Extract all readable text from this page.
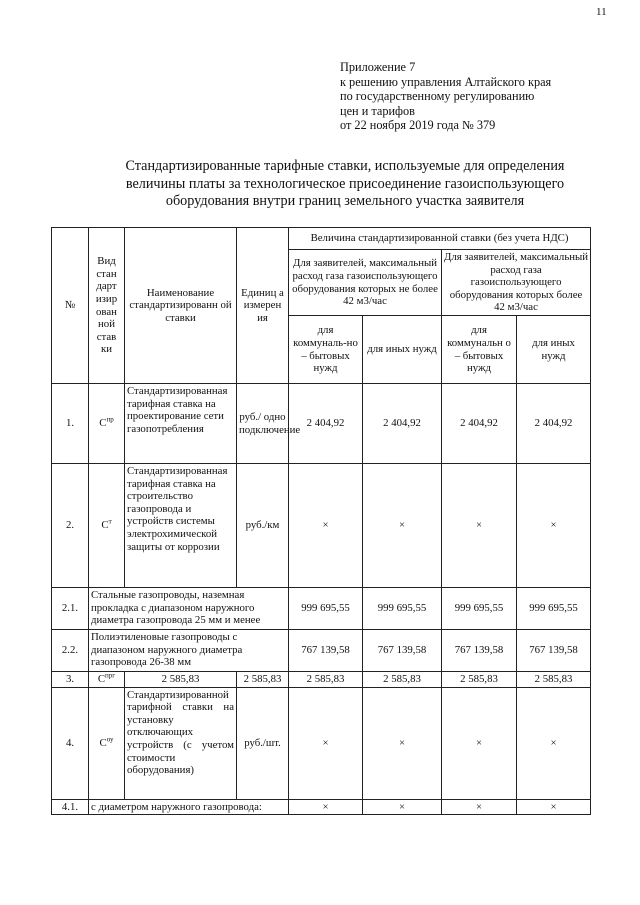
11
Приложение 7
к решению управления Алтайского края
по государственному регулированию
цен и тарифов
от 22 ноября 2019 года № 379
Стандартизированные тарифные ставки, используемые для определения
величины платы за технологическое присоединение газоиспользующего
оборудования внутри границ земельного участка заявителя
№	Вид стан дарт изир ован ной став ки	Наименование стандартизированн ой ставки	Единиц а измерен ия	Величина стандартизированной ставки (без учета НДС)			
				Для заявителей, максимальный расход газа газоиспользующего оборудования которых не более 42 м3/час		Для заявителей, максимальный расход газа газоиспользующего оборудования которых более 42 м3/час	
				для коммуналь-но – бытовых нужд	для иных нужд	для коммунальн о – бытовых нужд	для иных нужд
1.	$C^{пр}$	Стандартизированная тарифная ставка на проектирование сети газопотребления	руб./ одно подключение	2 404,92	2 404,92	2 404,92	2 404,92
2.	$C^т$	Стандартизированная тарифная ставка на строительство газопровода и устройств системы электрохимической защиты от коррозии	руб./км	×	×	×	×
2.1.	Стальные газопроводы, наземная прокладка с диапазоном наружного диаметра газопровода 25 мм и менее			999 695,55	999 695,55	999 695,55	999 695,55
2.2.	Полиэтиленовые газопроводы с диапазоном наружного диаметра газопровода 26-38 мм			767 139,58	767 139,58	767 139,58	767 139,58
3.	$C^{прг}$	2 585,83	2 585,83	2 585,83	2 585,83	2 585,83	2 585,83
4.	$C^{оу}$	Стандартизированной тарифной ставки на установку отключающих устройств (с учетом стоимости оборудования)	руб./шт.	×	×	×	×
4.1.	с диаметром наружного газопровода:			×	×	×	×
